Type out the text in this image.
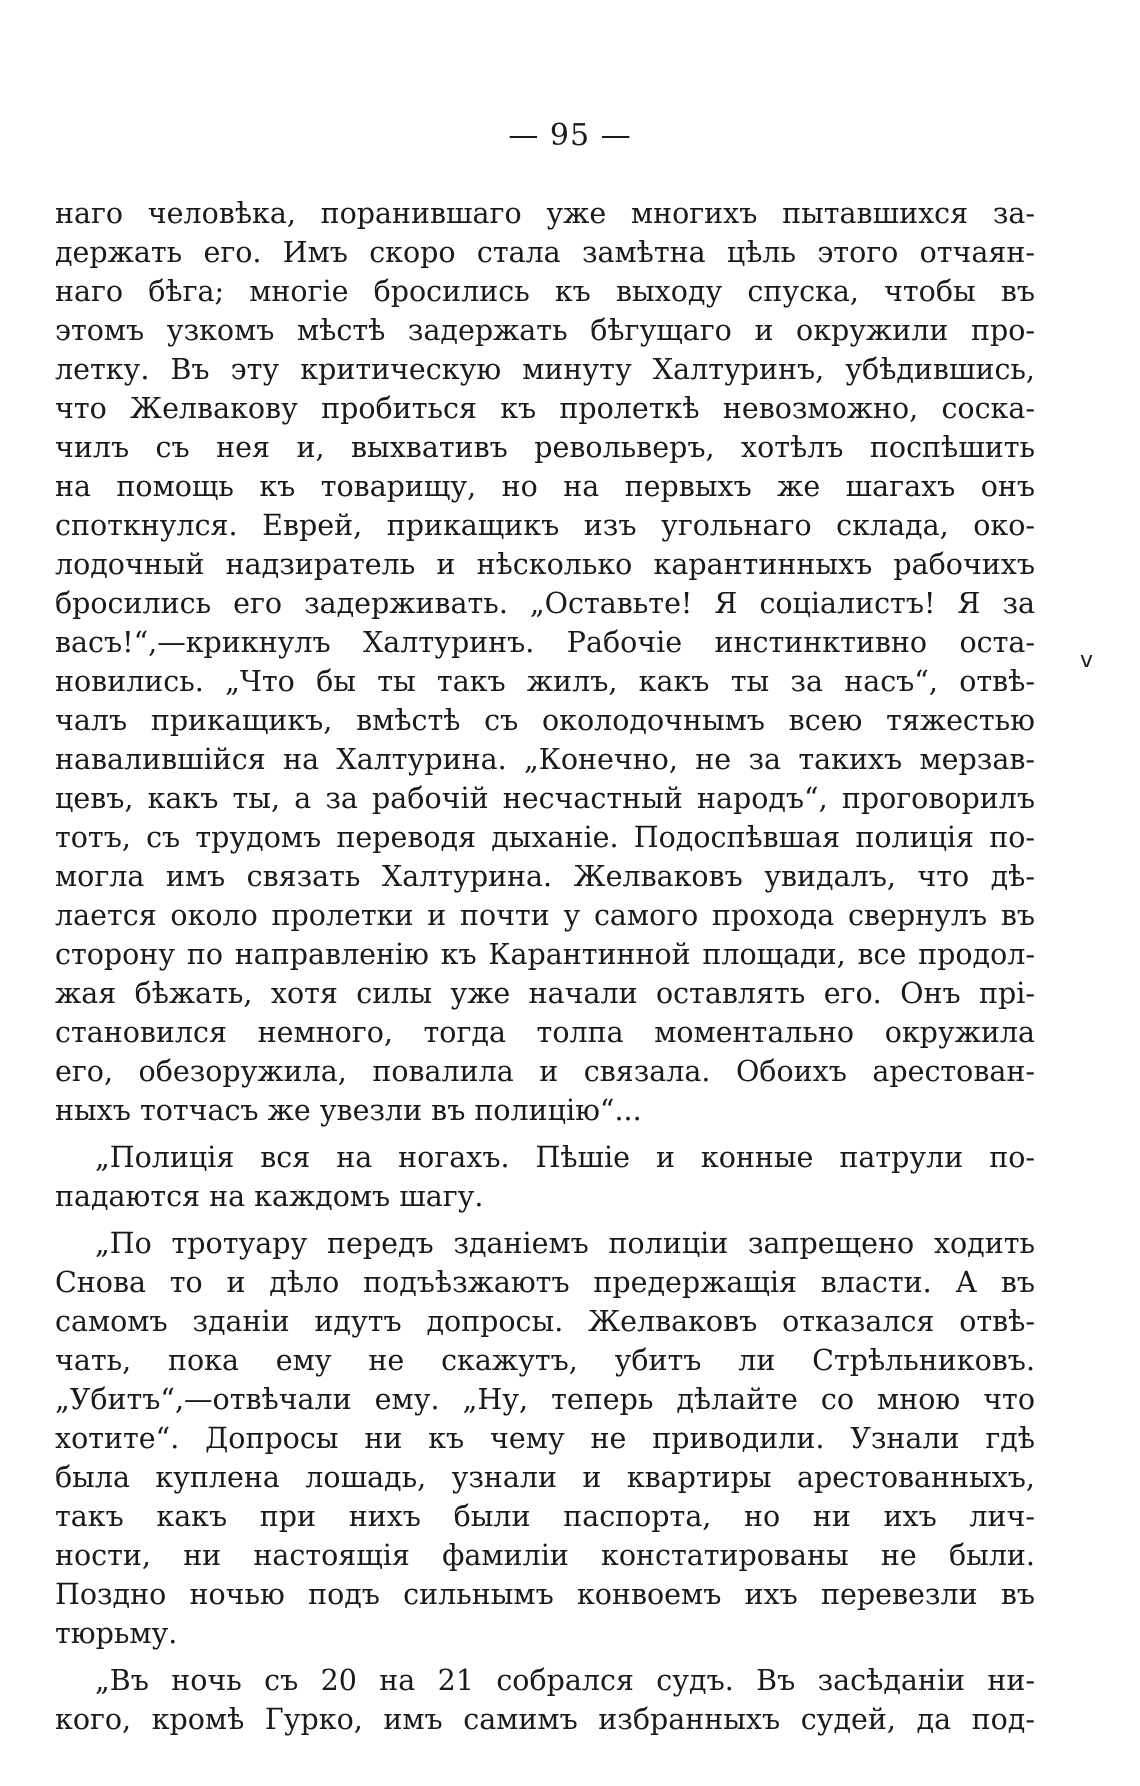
— 95 —
v
наго человѣка, поранившаго уже многихъ пытавшихся за-
держать его. Имъ скоро стала замѣтна цѣль этого отчаян-
наго бѣга; многіе бросились къ выходу спуска, чтобы въ
этомъ узкомъ мѣстѣ задержать бѣгущаго и окружили про-
летку. Въ эту критическую минуту Халтуринъ, убѣдившись,
что Желвакову пробиться къ пролеткѣ невозможно, соска-
чилъ съ нея и, выхвативъ револьверъ, хотѣлъ поспѣшить
на помощь къ товарищу, но на первыхъ же шагахъ онъ
споткнулся. Еврей, прикащикъ изъ угольнаго склада, око-
лодочный надзиратель и нѣсколько карантинныхъ рабочихъ
бросились его задерживать. „Оставьте! Я соціалистъ! Я за
васъ!“,—крикнулъ Халтуринъ. Рабочіе инстинктивно оста-
новились. „Что бы ты такъ жилъ, какъ ты за насъ“, отвѣ-
чалъ прикащикъ, вмѣстѣ съ околодочнымъ всею тяжестью
навалившійся на Халтурина. „Конечно, не за такихъ мерзав-
цевъ, какъ ты, а за рабочій несчастный народъ“, проговорилъ
тотъ, съ трудомъ переводя дыханіе. Подоспѣвшая полиція по-
могла имъ связать Халтурина. Желваковъ увидалъ, что дѣ-
лается около пролетки и почти у самого прохода свернулъ въ
сторону по направленію къ Карантинной площади, все продол-
жая бѣжать, хотя силы уже начали оставлять его. Онъ прі-
становился немного, тогда толпа моментально окружила
его, обезоружила, повалила и связала. Обоихъ арестован-
ныхъ тотчасъ же увезли въ полицію“...
„Полиція вся на ногахъ. Пѣшіе и конные патрули по-
падаются на каждомъ шагу.
„По тротуару передъ зданіемъ полиціи запрещено ходить
Снова то и дѣло подъѣзжаютъ предержащія власти. А въ
самомъ зданіи идутъ допросы. Желваковъ отказался отвѣ-
чать, пока ему не скажутъ, убитъ ли Стрѣльниковъ.
„Убитъ“,—отвѣчали ему. „Ну, теперь дѣлайте со мною что
хотите“. Допросы ни къ чему не приводили. Узнали гдѣ
была куплена лошадь, узнали и квартиры арестованныхъ,
такъ какъ при нихъ были паспорта, но ни ихъ лич-
ности, ни настоящія фамиліи констатированы не были.
Поздно ночью подъ сильнымъ конвоемъ ихъ перевезли въ
тюрьму.
„Въ ночь съ 20 на 21 собрался судъ. Въ засѣданіи ни-
кого, кромѣ Гурко, имъ самимъ избранныхъ судей, да под-
